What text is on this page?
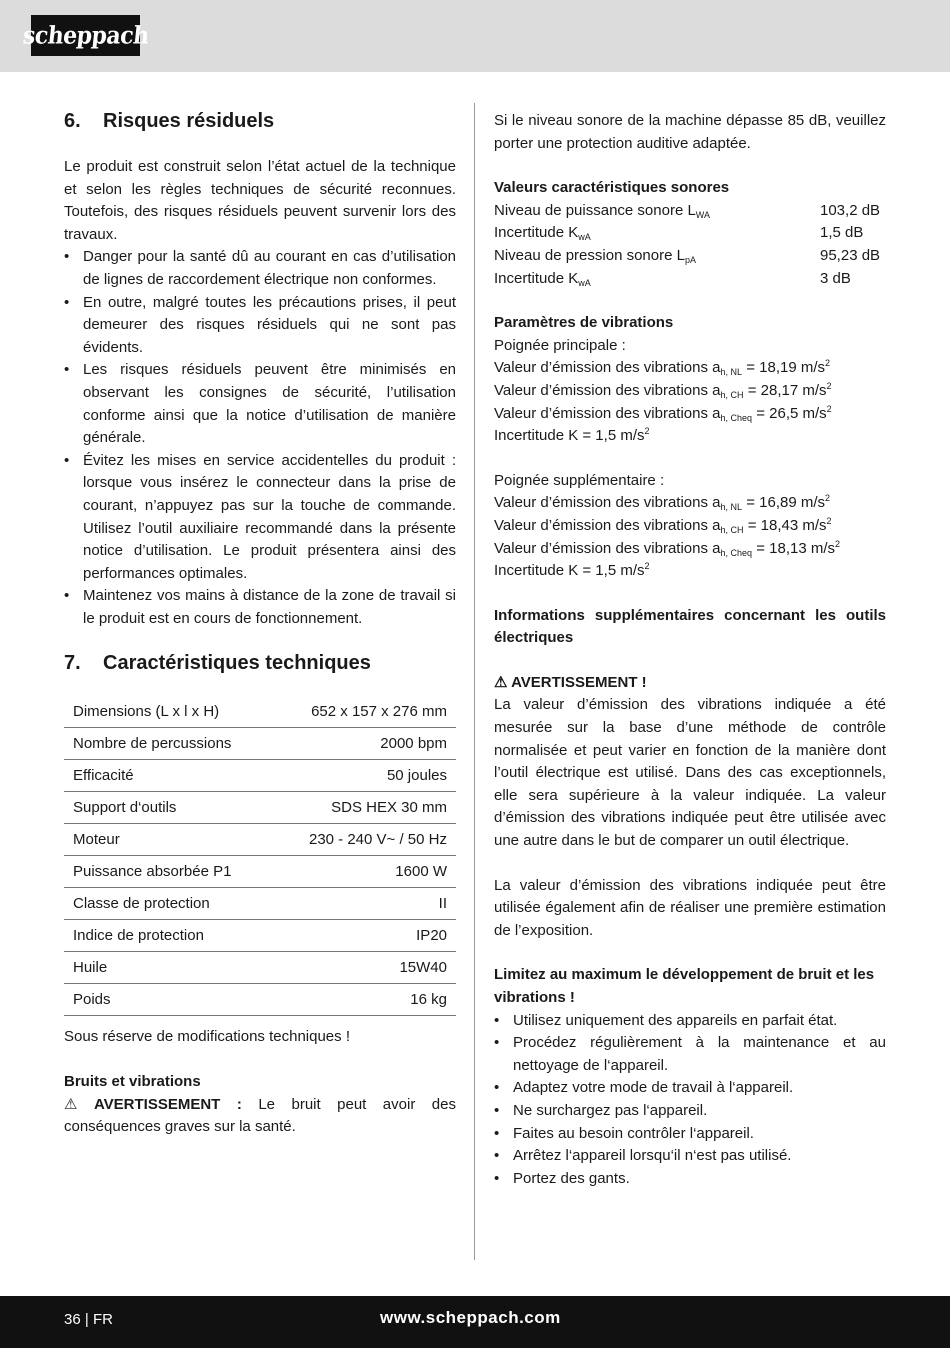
scheppach
6.	Risques résiduels

Le produit est construit selon l’état actuel de la technique et selon les règles techniques de sécurité reconnues. Toutefois, des risques résiduels peuvent survenir lors des travaux.

• Danger pour la santé dû au courant en cas d’utilisation de lignes de raccordement électrique non conformes.
• En outre, malgré toutes les précautions prises, il peut demeurer des risques résiduels qui ne sont pas évidents.
• Les risques résiduels peuvent être minimisés en observant les consignes de sécurité, l’utilisation conforme ainsi que la notice d’utilisation de manière générale.
• Évitez les mises en service accidentelles du produit : lorsque vous insérez le connecteur dans la prise de courant, n’appuyez pas sur la touche de commande. Utilisez l’outil auxiliaire recommandé dans la présente notice d’utilisation. Le produit présentera ainsi des performances optimales.
• Maintenez vos mains à distance de la zone de travail si le produit est en cours de fonctionnement.
7.	Caractéristiques techniques
Dimensions (L x l x H)	652 x 157 x 276 mm
Nombre de percussions	2000 bpm
Efficacité	50 joules
Support d‘outils	SDS HEX 30 mm
Moteur	230 - 240 V~ / 50 Hz
Puissance absorbée P1	1600 W
Classe de protection	II
Indice de protection	IP20
Huile	15W40
Poids	16 kg

Sous réserve de modifications techniques !

Bruits et vibrations

⚠ AVERTISSEMENT : Le bruit peut avoir des conséquences graves sur la santé.

Si le niveau sonore de la machine dépasse 85 dB, veuillez porter une protection auditive adaptée.

Valeurs caractéristiques sonores

Niveau de puissance sonore $L_{WA}$	103,2 dB
Incertitude $K_{wA}$	1,5 dB
Niveau de pression sonore $L_{pA}$	95,23 dB
Incertitude $K_{wA}$	3 dB

Paramètres de vibrations

Poignée principale :

Valeur d’émission des vibrations $a_{h, NL} = 18,19$ $m/s^2$

Valeur d’émission des vibrations $a_{h, CH} = 28,17$ $m/s^2$

Valeur d’émission des vibrations $a_{h, Cheq} = 26,5$ $m/s^2$

Incertitude K = 1,5 $m/s^2$

Poignée supplémentaire :

Valeur d’émission des vibrations $a_{h, NL} = 16,89$ $m/s^2$

Valeur d’émission des vibrations $a_{h, CH} = 18,43$ $m/s^2$

Valeur d’émission des vibrations $a_{h, Cheq} = 18,13$ $m/s^2$

Incertitude K = 1,5 $m/s^2$

Informations supplémentaires concernant les outils électriques

⚠ AVERTISSEMENT !

La valeur d’émission des vibrations indiquée a été mesurée sur la base d’une méthode de contrôle normalisée et peut varier en fonction de la manière dont l’outil électrique est utilisé. Dans des cas exceptionnels, elle sera supérieure à la valeur indiquée. La valeur d’émission des vibrations indiquée peut être utilisée avec une autre dans le but de comparer un outil électrique.

La valeur d’émission des vibrations indiquée peut être utilisée également afin de réaliser une première estimation de l’exposition.

Limitez au maximum le développement de bruit et les vibrations !

• Utilisez uniquement des appareils en parfait état.
• Procédez régulièrement à la maintenance et au nettoyage de l‘appareil.
• Adaptez votre mode de travail à l‘appareil.
• Ne surchargez pas l‘appareil.
• Faites au besoin contrôler l‘appareil.
• Arrêtez l‘appareil lorsqu‘il n‘est pas utilisé.
• Portez des gants.
36 | FR	www.scheppach.com
